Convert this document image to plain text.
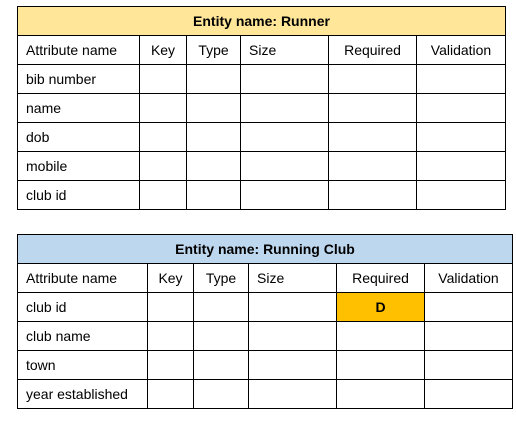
Entity name: Runner					
Attribute name	Key	Type	Size	Required	Validation
bib number					
name					
dob					
mobile					
club id					
Entity name: Running Club					
Attribute name	Key	Type	Size	Required	Validation
club id				D	
club name					
town					
year established					
